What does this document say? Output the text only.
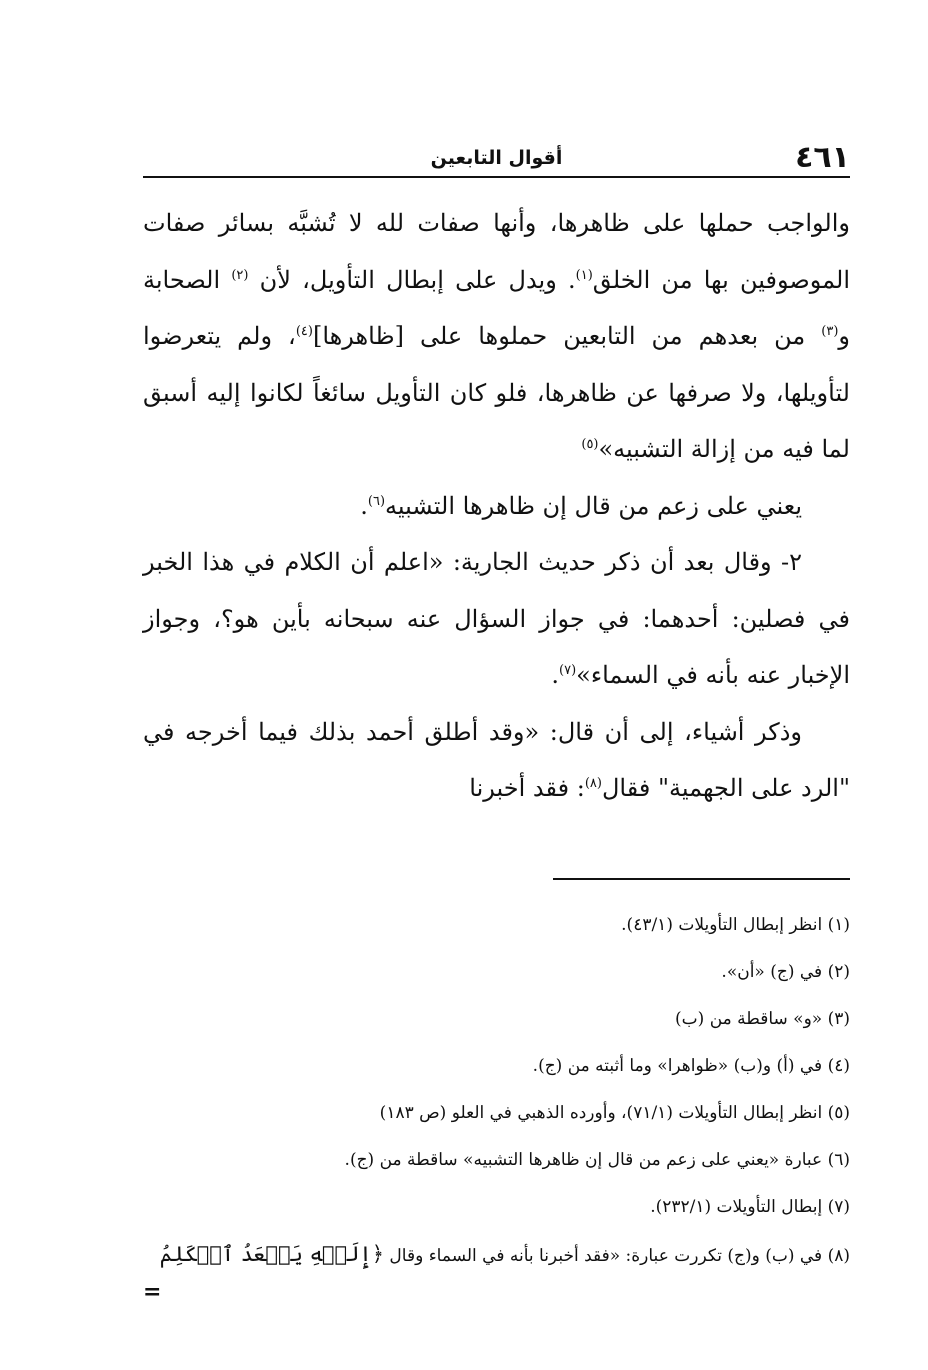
٤٦١
أقوال التابعين

والواجب حملها على ظاهرها، وأنها صفات لله لا تُشبَّه بسائر صفات الموصوفين بها من الخلق$^{(١)}$. ويدل على إبطال التأويل، لأن $^{(٢)}$ الصحابة و$^{(٣)}$ من بعدهم من التابعين حملوها على [ظاهرها]$^{(٤)}$، ولم يتعرضوا لتأويلها، ولا صرفها عن ظاهرها، فلو كان التأويل سائغاً لكانوا إليه أسبق لما فيه من إزالة التشبيه»$^{(٥)}$

يعني على زعم من قال إن ظاهرها التشبيه$^{(٦)}$.

٢- وقال بعد أن ذكر حديث الجارية: «اعلم أن الكلام في هذا الخبر في فصلين: أحدهما: في جواز السؤال عنه سبحانه بأين هو؟، وجواز الإخبار عنه بأنه في السماء»$^{(٧)}$.

وذكر أشياء، إلى أن قال: «وقد أطلق أحمد بذلك فيما أخرجه في "الرد على الجهمية" فقال$^{(٨)}$: فقد أخبرنا

(١) انظر إبطال التأويلات (٤٣/١).

(٢) في (ج) «أن».

(٣) «و» ساقطة من (ب)

(٤) في (أ) و(ب) «ظواهرا» وما أثبته من (ج).

(٥) انظر إبطال التأويلات (٧١/١)، وأورده الذهبي في العلو (ص ١٨٣)

(٦) عبارة «يعني على زعم من قال إن ظاهرها التشبيه» ساقطة من (ج).

(٧) إبطال التأويلات (٢٣٢/١).

(٨) في (ب) و(ج) تكررت عبارة: «فقد أخبرنا بأنه في السماء وقال ﴿إِلَيۡهِ يَصۡعَدُ ٱلۡكَلِمُ

=
